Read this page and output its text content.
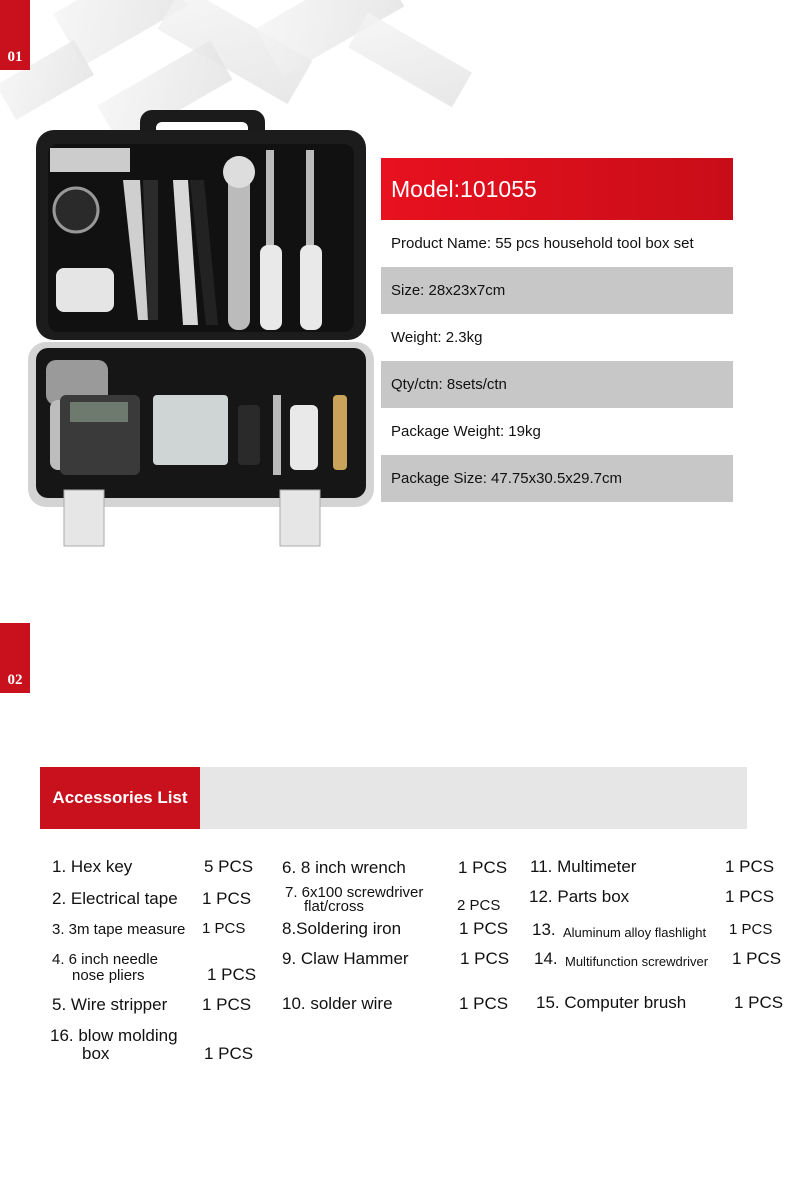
01
Model:101055
Product Name: 55 pcs household tool box set
Size: 28x23x7cm
Weight: 2.3kg
Qty/ctn: 8sets/ctn
Package Weight: 19kg
Package Size: 47.75x30.5x29.7cm
02
Accessories List
1. Hex key	5 PCS
2. Electrical tape 1 PCS
3. 3m tape measure 1 PCS
4. 6 inch needle
nose pliers	1 PCS
5. Wire stripper 1 PCS
16. blow molding
box	1 PCS
6. 8 inch wrench	1 PCS
7. 6x100 screwdriver
flat/cross	2 PCS
8.Soldering iron	1 PCS
9. Claw Hammer	1 PCS
10. solder wire	1 PCS
11. Multimeter	1 PCS
12. Parts box	1 PCS
13. Aluminum alloy flashlight 1 PCS
14. Multifunction screwdriver 1 PCS
15. Computer brush	1 PCS
